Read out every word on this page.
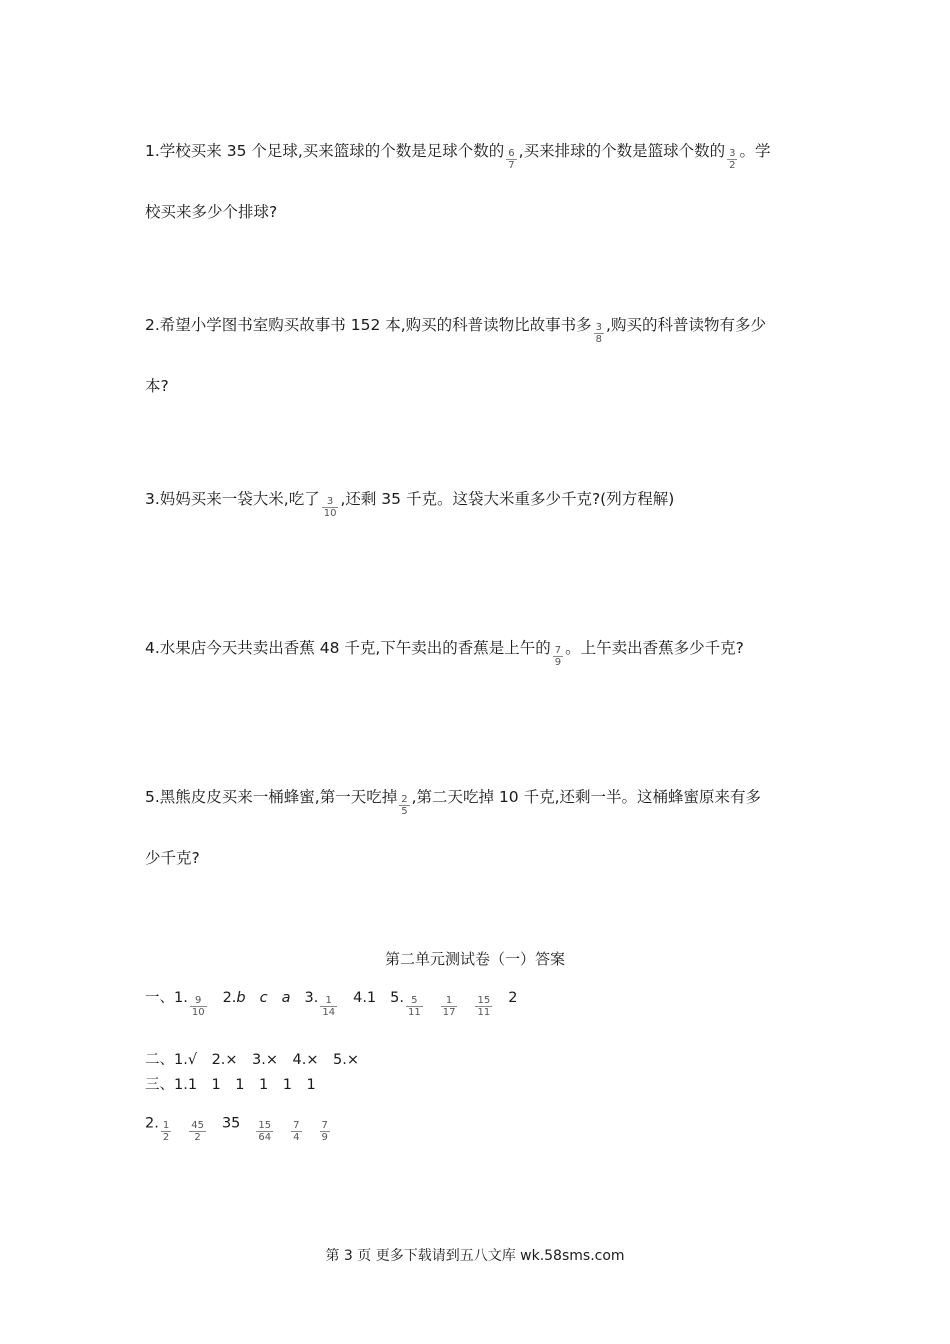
1.学校买来 35 个足球,买来篮球的个数是足球个数的 $\frac{6}{7}$ ,买来排球的个数是篮球个数的 $\frac{3}{2}$ 。学
校买来多少个排球?
2.希望小学图书室购买故事书 152 本,购买的科普读物比故事书多 $\frac{3}{8}$ ,购买的科普读物有多少
本?
3.妈妈买来一袋大米,吃了 $\frac{3}{10}$ ,还剩 35 千克。这袋大米重多少千克?(列方程解)
4.水果店今天共卖出香蕉 48 千克,下午卖出的香蕉是上午的 $\frac{7}{9}$ 。上午卖出香蕉多少千克?
5.黑熊皮皮买来一桶蜂蜜,第一天吃掉 $\frac{2}{5}$ ,第二天吃掉 10 千克,还剩一半。这桶蜂蜜原来有多
少千克?
第二单元测试卷（一）答案
一、1. $\frac{9}{10} 2.b$ c a 3. $\frac{1}{14} 4.1$ 5. $\frac{5}{11} \frac{1}{17} \frac{15}{11} 2$
二、1.√　2.×　3.×　4.×　5.×
三、1.1　1　1　1　1　1
2. $\frac{1}{2} \frac{45}{2} 35 \frac{15}{64} \frac{7}{4} \frac{7}{9}$
第 3 页 更多下载请到五八文库 wk.58sms.com
